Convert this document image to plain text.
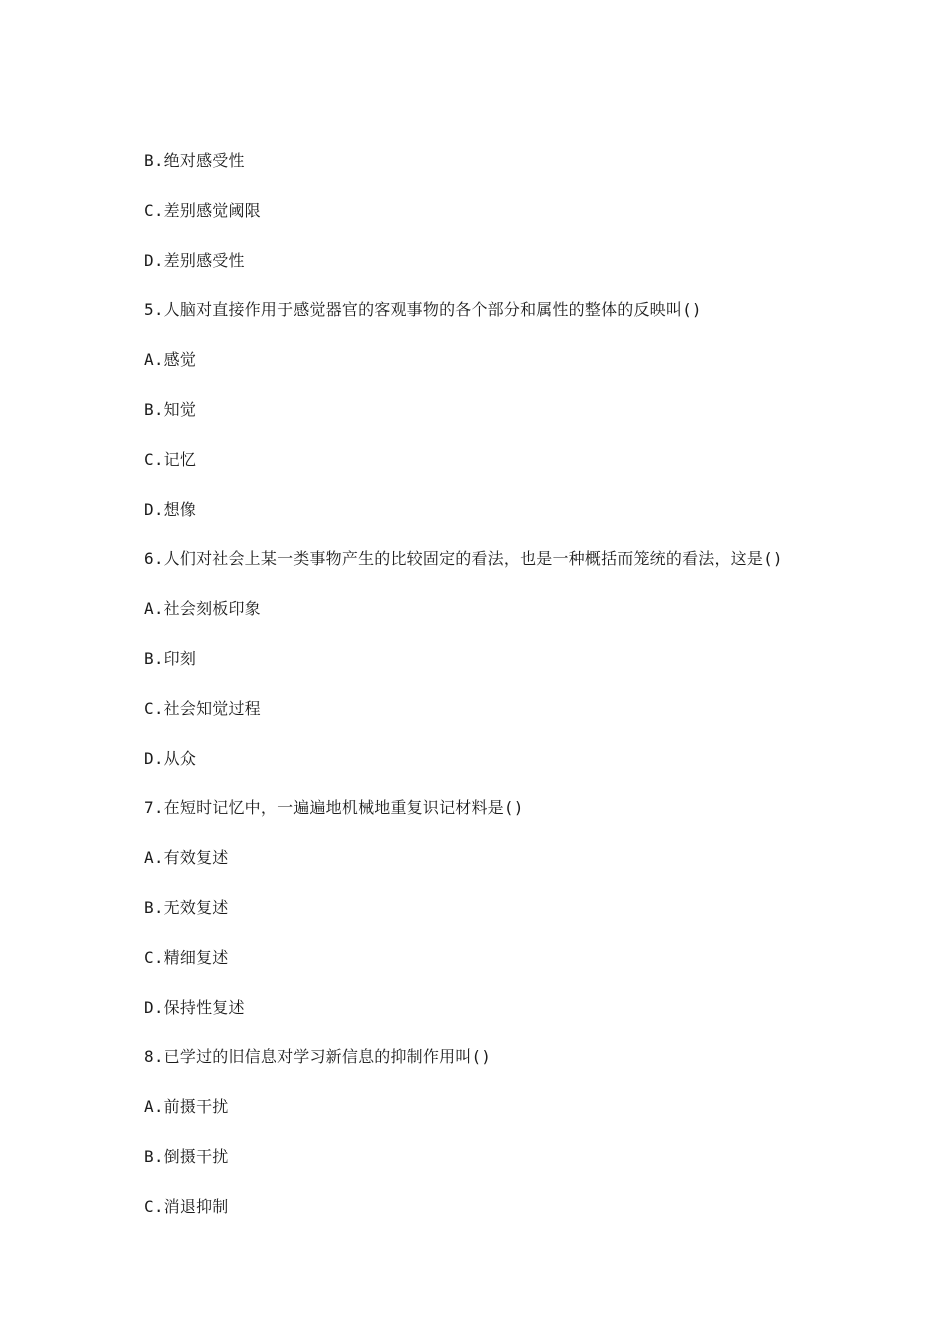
B.绝对感受性
C.差别感觉阈限
D.差别感受性
5.人脑对直接作用于感觉器官的客观事物的各个部分和属性的整体的反映叫()
A.感觉
B.知觉
C.记忆
D.想像
6.人们对社会上某一类事物产生的比较固定的看法，也是一种概括而笼统的看法，这是()
A.社会刻板印象
B.印刻
C.社会知觉过程
D.从众
7.在短时记忆中，一遍遍地机械地重复识记材料是()
A.有效复述
B.无效复述
C.精细复述
D.保持性复述
8.已学过的旧信息对学习新信息的抑制作用叫()
A.前摄干扰
B.倒摄干扰
C.消退抑制
